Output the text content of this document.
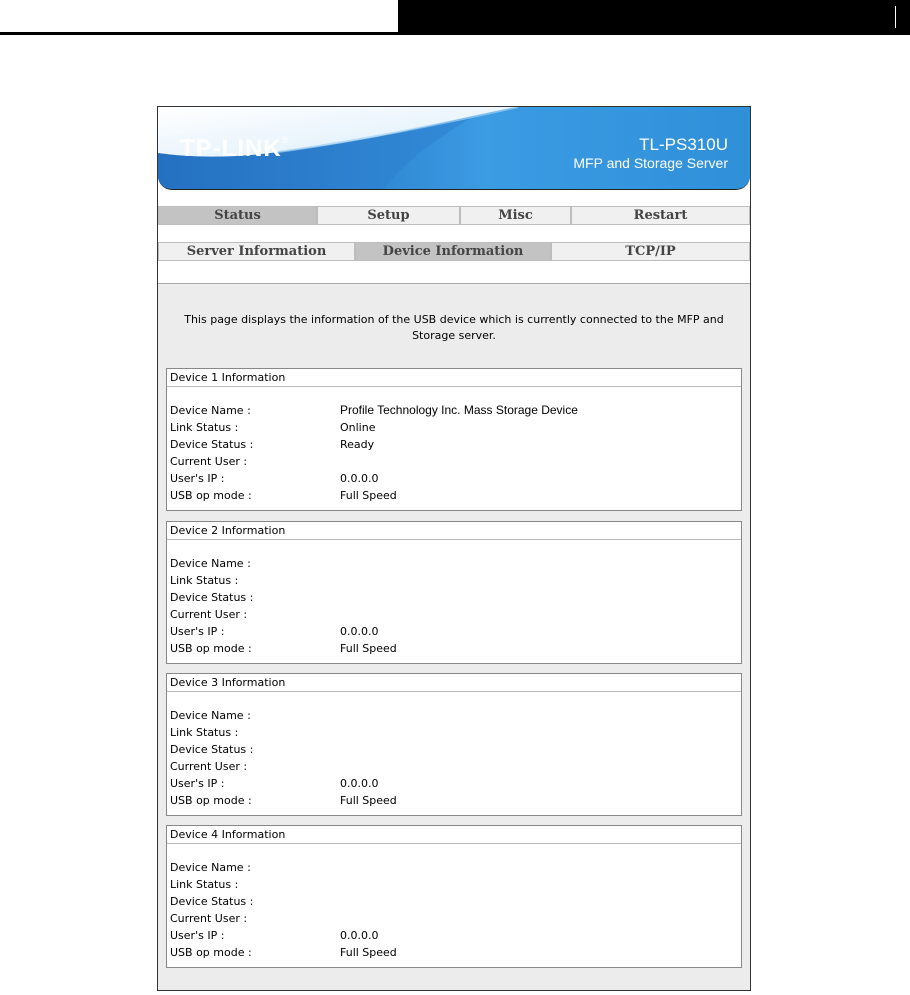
TP-LINK®	TL-PS310U
MFP and Storage Server
Status	Setup	Misc	Restart
Server Information	Device Information	TCP/IP
This page displays the information of the USB device which is currently connected to the MFP and Storage server.
Device 1 Information
Device Name :	Profile Technology Inc. Mass Storage Device
Link Status :	Online
Device Status :	Ready
Current User :
User's IP :	0.0.0.0
USB op mode :	Full Speed
Device 2 Information
Device Name :
Link Status :
Device Status :
Current User :
User's IP :	0.0.0.0
USB op mode :	Full Speed
Device 3 Information
Device Name :
Link Status :
Device Status :
Current User :
User's IP :	0.0.0.0
USB op mode :	Full Speed
Device 4 Information
Device Name :
Link Status :
Device Status :
Current User :
User's IP :	0.0.0.0
USB op mode :	Full Speed
